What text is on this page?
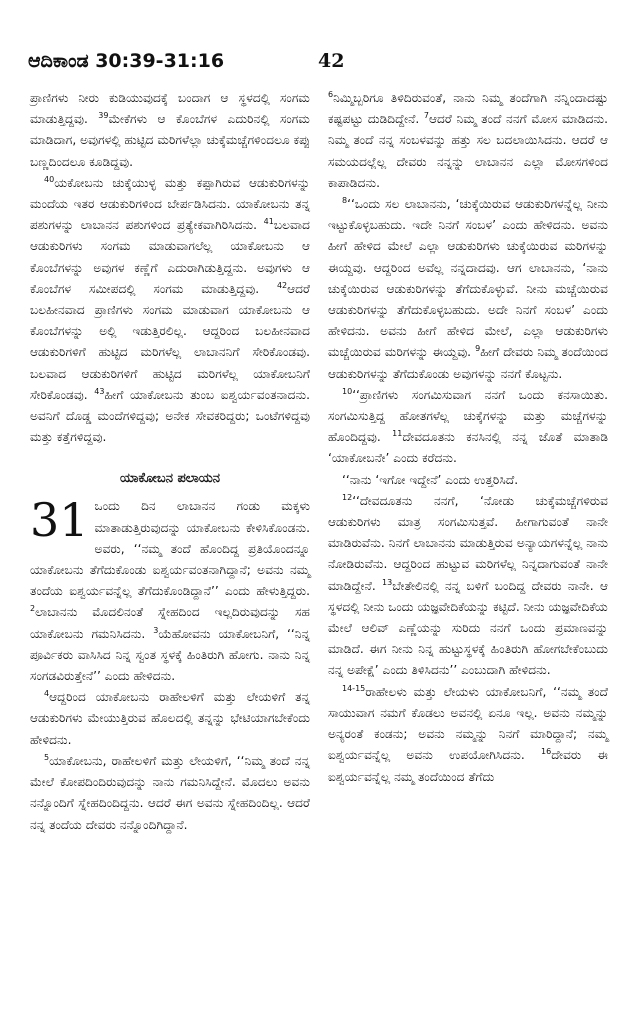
ಆದಿಕಾಂಡ 30:39-31:16	42

ಪ್ರಾಣಿಗಳು ನೀರು ಕುಡಿಯುವುದಕ್ಕೆ ಬಂದಾಗ ಆ ಸ್ಥಳದಲ್ಲಿ ಸಂಗಮ ಮಾಡುತ್ತಿದ್ದವು. $^{39}$ಮೇಕೆಗಳು ಆ ಕೊಂಬೆಗಳ ಎದುರಿನಲ್ಲಿ ಸಂಗಮ ಮಾಡಿದಾಗ, ಅವುಗಳಲ್ಲಿ ಹುಟ್ಟಿದ ಮರಿಗಳೆಲ್ಲಾ ಚುಕ್ಕೆಮಚ್ಚೆಗಳಿಂದಲೂ ಕಪ್ಪು ಬಣ್ಣದಿಂದಲೂ ಕೂಡಿದ್ದವು.

$^{40}$ಯಕೋಬನು ಚುಕ್ಕೆಯುಳ್ಳ ಮತ್ತು ಕಪ್ಪಾಗಿರುವ ಆಡುಕುರಿಗಳನ್ನು ಮಂದೆಯ ಇತರ ಆಡುಕುರಿಗಳಿಂದ ಬೇರ್ಪಡಿಸಿದನು. ಯಾಕೋಬನು ತನ್ನ ಪಶುಗಳನ್ನು ಲಾಬಾನನ ಪಶುಗಳಿಂದ ಪ್ರತ್ಯೇಕವಾಗಿರಿಸಿದನು. $^{41}$ಬಲವಾದ ಆಡುಕುರಿಗಳು ಸಂಗಮ ಮಾಡುವಾಗಲೆಲ್ಲ ಯಾಕೋಬನು ಆ ಕೊಂಬೆಗಳನ್ನು ಅವುಗಳ ಕಣ್ಣೆಗೆ ಎದುರಾಗಿಡುತ್ತಿದ್ದನು. ಅವುಗಳು ಆ ಕೊಂಬೆಗಳ ಸಮೀಪದಲ್ಲಿ ಸಂಗಮ ಮಾಡುತ್ತಿದ್ದವು. $^{42}$ಆದರೆ ಬಲಹೀನವಾದ ಪ್ರಾಣಿಗಳು ಸಂಗಮ ಮಾಡುವಾಗ ಯಾಕೋಬನು ಆ ಕೊಂಬೆಗಳನ್ನು ಅಲ್ಲಿ ಇಡುತ್ತಿರಲಿಲ್ಲ. ಆದ್ದರಿಂದ ಬಲಹೀನವಾದ ಆಡುಕುರಿಗಳಿಗೆ ಹುಟ್ಟಿದ ಮರಿಗಳೆಲ್ಲ ಲಾಬಾನನಿಗೆ ಸೇರಿಕೊಂಡವು. ಬಲವಾದ ಆಡುಕುರಿಗಳಿಗೆ ಹುಟ್ಟಿದ ಮರಿಗಳೆಲ್ಲ ಯಾಕೋಬನಿಗೆ ಸೇರಿಕೊಂಡವು. $^{43}$ಹೀಗೆ ಯಾಕೋಬನು ತುಂಬ ಐಶ್ವರ್ಯವಂತನಾದನು. ಅವನಿಗೆ ದೊಡ್ಡ ಮಂದೆಗಳಿದ್ದವು; ಅನೇಕ ಸೇವಕರಿದ್ದರು; ಒಂಟೆಗಳಿದ್ದವು ಮತ್ತು ಕತ್ತೆಗಳಿದ್ದವು.

ಯಾಕೋಬನ ಪಲಾಯನ
31 ಒಂದು ದಿನ ಲಾಬಾನನ ಗಂಡು ಮಕ್ಕಳು ಮಾತಾಡುತ್ತಿರುವುದನ್ನು ಯಾಕೋಬನು ಕೇಳಿಸಿಕೊಂಡನು. ಅವರು, ‘‘ನಮ್ಮ ತಂದೆ ಹೊಂದಿದ್ದ ಪ್ರತಿಯೊಂದನ್ನೂ ಯಾಕೋಬನು ತೆಗೆದುಕೊಂಡು ಐಶ್ವರ್ಯವಂತನಾಗಿದ್ದಾನೆ; ಅವನು ನಮ್ಮ ತಂದೆಯ ಐಶ್ವರ್ಯವನ್ನೆಲ್ಲ ತೆಗೆದುಕೊಂಡಿದ್ದಾನೆ’’ ಎಂದು ಹೇಳುತ್ತಿದ್ದರು. $^2$ಲಾಬಾನನು ಮೊದಲಿನಂತೆ ಸ್ನೇಹದಿಂದ ಇಲ್ಲದಿರುವುದನ್ನು ಸಹ ಯಾಕೋಬನು ಗಮನಿಸಿದನು. $^3$ಯೆಹೋವನು ಯಾಕೋಬನಿಗೆ, ‘‘ನಿನ್ನ ಪೂರ್ವಿಕರು ವಾಸಿಸಿದ ನಿನ್ನ ಸ್ವಂತ ಸ್ಥಳಕ್ಕೆ ಹಿಂತಿರುಗಿ ಹೋಗು. ನಾನು ನಿನ್ನ ಸಂಗಡವಿರುತ್ತೇನೆ’’ ಎಂದು ಹೇಳಿದನು.

$^4$ಆದ್ದರಿಂದ ಯಾಕೋಬನು ರಾಹೇಲಳಿಗೆ ಮತ್ತು ಲೇಯಳಿಗೆ ತನ್ನ ಆಡುಕುರಿಗಳು ಮೇಯುತ್ತಿರುವ ಹೊಲದಲ್ಲಿ ತನ್ನನ್ನು ಭೇಟಿಯಾಗಬೇಕೆಂದು ಹೇಳಿದನು.

$^5$ಯಾಕೋಬನು, ರಾಹೇಲಳಿಗೆ ಮತ್ತು ಲೇಯಳಿಗೆ, ‘‘ನಿಮ್ಮ ತಂದೆ ನನ್ನ ಮೇಲೆ ಕೋಪದಿಂದಿರುವುದನ್ನು ನಾನು ಗಮನಿಸಿದ್ದೇನೆ. ಮೊದಲು ಅವನು ನನ್ನೊಂದಿಗೆ ಸ್ನೇಹದಿಂದಿದ್ದನು. ಆದರೆ ಈಗ ಅವನು ಸ್ನೇಹದಿಂದಿಲ್ಲ. ಆದರೆ ನನ್ನ ತಂದೆಯ ದೇವರು ನನ್ನೊಂದಿಗಿದ್ದಾನೆ.

$^6$ನಿಮ್ಮಿಬ್ಬರಿಗೂ ತಿಳಿದಿರುವಂತೆ, ನಾನು ನಿಮ್ಮ ತಂದೆಗಾಗಿ ನನ್ನಿಂದಾದಷ್ಟು ಕಷ್ಟಪಟ್ಟು ದುಡಿದಿದ್ದೇನೆ. $^7$ಆದರೆ ನಿಮ್ಮ ತಂದೆ ನನಗೆ ಮೋಸ ಮಾಡಿದನು. ನಿಮ್ಮ ತಂದೆ ನನ್ನ ಸಂಬಳವನ್ನು ಹತ್ತು ಸಲ ಬದಲಾಯಿಸಿದನು. ಆದರೆ ಆ ಸಮಯದಲ್ಲೆಲ್ಲ ದೇವರು ನನ್ನನ್ನು ಲಾಬಾನನ ಎಲ್ಲಾ ಮೋಸಗಳಿಂದ ಕಾಪಾಡಿದನು.

$^8$‘‘ಒಂದು ಸಲ ಲಾಬಾನನು, ‘ಚುಕ್ಕೆಯಿರುವ ಆಡುಕುರಿಗಳನ್ನೆಲ್ಲ ನೀನು ಇಟ್ಟುಕೊಳ್ಳಬಹುದು. ಇದೇ ನಿನಗೆ ಸಂಬಳ’ ಎಂದು ಹೇಳಿದನು. ಅವನು ಹೀಗೆ ಹೇಳಿದ ಮೇಲೆ ಎಲ್ಲಾ ಆಡುಕುರಿಗಳು ಚುಕ್ಕೆಯಿರುವ ಮರಿಗಳನ್ನು ಈಯ್ದವು. ಆದ್ದರಿಂದ ಅವೆಲ್ಲ ನನ್ನದಾದವು. ಆಗ ಲಾಬಾನನು, ‘ನಾನು ಚುಕ್ಕೆಯಿರುವ ಆಡುಕುರಿಗಳನ್ನು ತೆಗೆದುಕೊಳ್ಳುವೆ. ನೀನು ಮಚ್ಚೆಯಿರುವ ಆಡುಕುರಿಗಳನ್ನು ತೆಗೆದುಕೊಳ್ಳಬಹುದು. ಅದೇ ನಿನಗೆ ಸಂಬಳ’ ಎಂದು ಹೇಳಿದನು. ಅವನು ಹೀಗೆ ಹೇಳಿದ ಮೇಲೆ, ಎಲ್ಲಾ ಆಡುಕುರಿಗಳು ಮಚ್ಚೆಯಿರುವ ಮರಿಗಳನ್ನು ಈಯ್ದವು. $^9$ಹೀಗೆ ದೇವರು ನಿಮ್ಮ ತಂದೆಯಿಂದ ಆಡುಕುರಿಗಳನ್ನು ತೆಗೆದುಕೊಂಡು ಅವುಗಳನ್ನು ನನಗೆ ಕೊಟ್ಟನು.

$^{10}$‘‘ಪ್ರಾಣಿಗಳು ಸಂಗಮಿಸುವಾಗ ನನಗೆ ಒಂದು ಕನಸಾಯಿತು. ಸಂಗಮಿಸುತ್ತಿದ್ದ ಹೋತಗಳೆಲ್ಲ ಚುಕ್ಕೆಗಳನ್ನು ಮತ್ತು ಮಚ್ಚೆಗಳನ್ನು ಹೊಂದಿದ್ದವು. $^{11}$ದೇವದೂತನು ಕನಸಿನಲ್ಲಿ ನನ್ನ ಜೊತೆ ಮಾತಾಡಿ ‘ಯಾಕೋಬನೇ’ ಎಂದು ಕರೆದನು.

‘‘ನಾನು ‘ಇಗೋ ಇದ್ದೇನೆ’ ಎಂದು ಉತ್ತರಿಸಿದೆ.

$^{12}$‘‘ದೇವದೂತನು ನನಗೆ, ‘ನೋಡು ಚುಕ್ಕೆಮಚ್ಚೆಗಳಿರುವ ಆಡುಕುರಿಗಳು ಮಾತ್ರ ಸಂಗಮಿಸುತ್ತವೆ. ಹೀಗಾಗುವಂತೆ ನಾನೇ ಮಾಡಿರುವೆನು. ನಿನಗೆ ಲಾಬಾನನು ಮಾಡುತ್ತಿರುವ ಅನ್ಯಾಯಗಳನ್ನೆಲ್ಲ ನಾನು ನೋಡಿರುವೆನು. ಆದ್ದರಿಂದ ಹುಟ್ಟುವ ಮರಿಗಳೆಲ್ಲ ನಿನ್ನದಾಗುವಂತೆ ನಾನೇ ಮಾಡಿದ್ದೇನೆ. $^{13}$ಬೇತೇಲಿನಲ್ಲಿ ನನ್ನ ಬಳಿಗೆ ಬಂದಿದ್ದ ದೇವರು ನಾನೇ. ಆ ಸ್ಥಳದಲ್ಲಿ ನೀನು ಒಂದು ಯಜ್ಞವೇದಿಕೆಯನ್ನು ಕಟ್ಟಿದೆ. ನೀನು ಯಜ್ಞವೇದಿಕೆಯ ಮೇಲೆ ಆಲಿವ್ ಎಣ್ಣೆಯನ್ನು ಸುರಿದು ನನಗೆ ಒಂದು ಪ್ರಮಾಣವನ್ನು ಮಾಡಿದೆ. ಈಗ ನೀನು ನಿನ್ನ ಹುಟ್ಟುಸ್ಥಳಕ್ಕೆ ಹಿಂತಿರುಗಿ ಹೋಗಬೇಕೆಂಬುದು ನನ್ನ ಅಪೇಕ್ಷೆ’ ಎಂದು ತಿಳಿಸಿದನು’’ ಎಂಬುದಾಗಿ ಹೇಳಿದನು.

$^{14-15}$ರಾಹೇಲಳು ಮತ್ತು ಲೇಯಳು ಯಾಕೋಬನಿಗೆ, ‘‘ನಮ್ಮ ತಂದೆ ಸಾಯುವಾಗ ನಮಗೆ ಕೊಡಲು ಅವನಲ್ಲಿ ಏನೂ ಇಲ್ಲ. ಅವನು ನಮ್ಮನ್ನು ಅನ್ಯರಂತೆ ಕಂಡನು; ಅವನು ನಮ್ಮನ್ನು ನಿನಗೆ ಮಾರಿದ್ದಾನೆ; ನಮ್ಮ ಐಶ್ವರ್ಯವನ್ನೆಲ್ಲ ಅವನು ಉಪಯೋಗಿಸಿದನು. $^{16}$ದೇವರು ಈ ಐಶ್ವರ್ಯವನ್ನೆಲ್ಲ ನಮ್ಮ ತಂದೆಯಿಂದ ತೆಗೆದು
